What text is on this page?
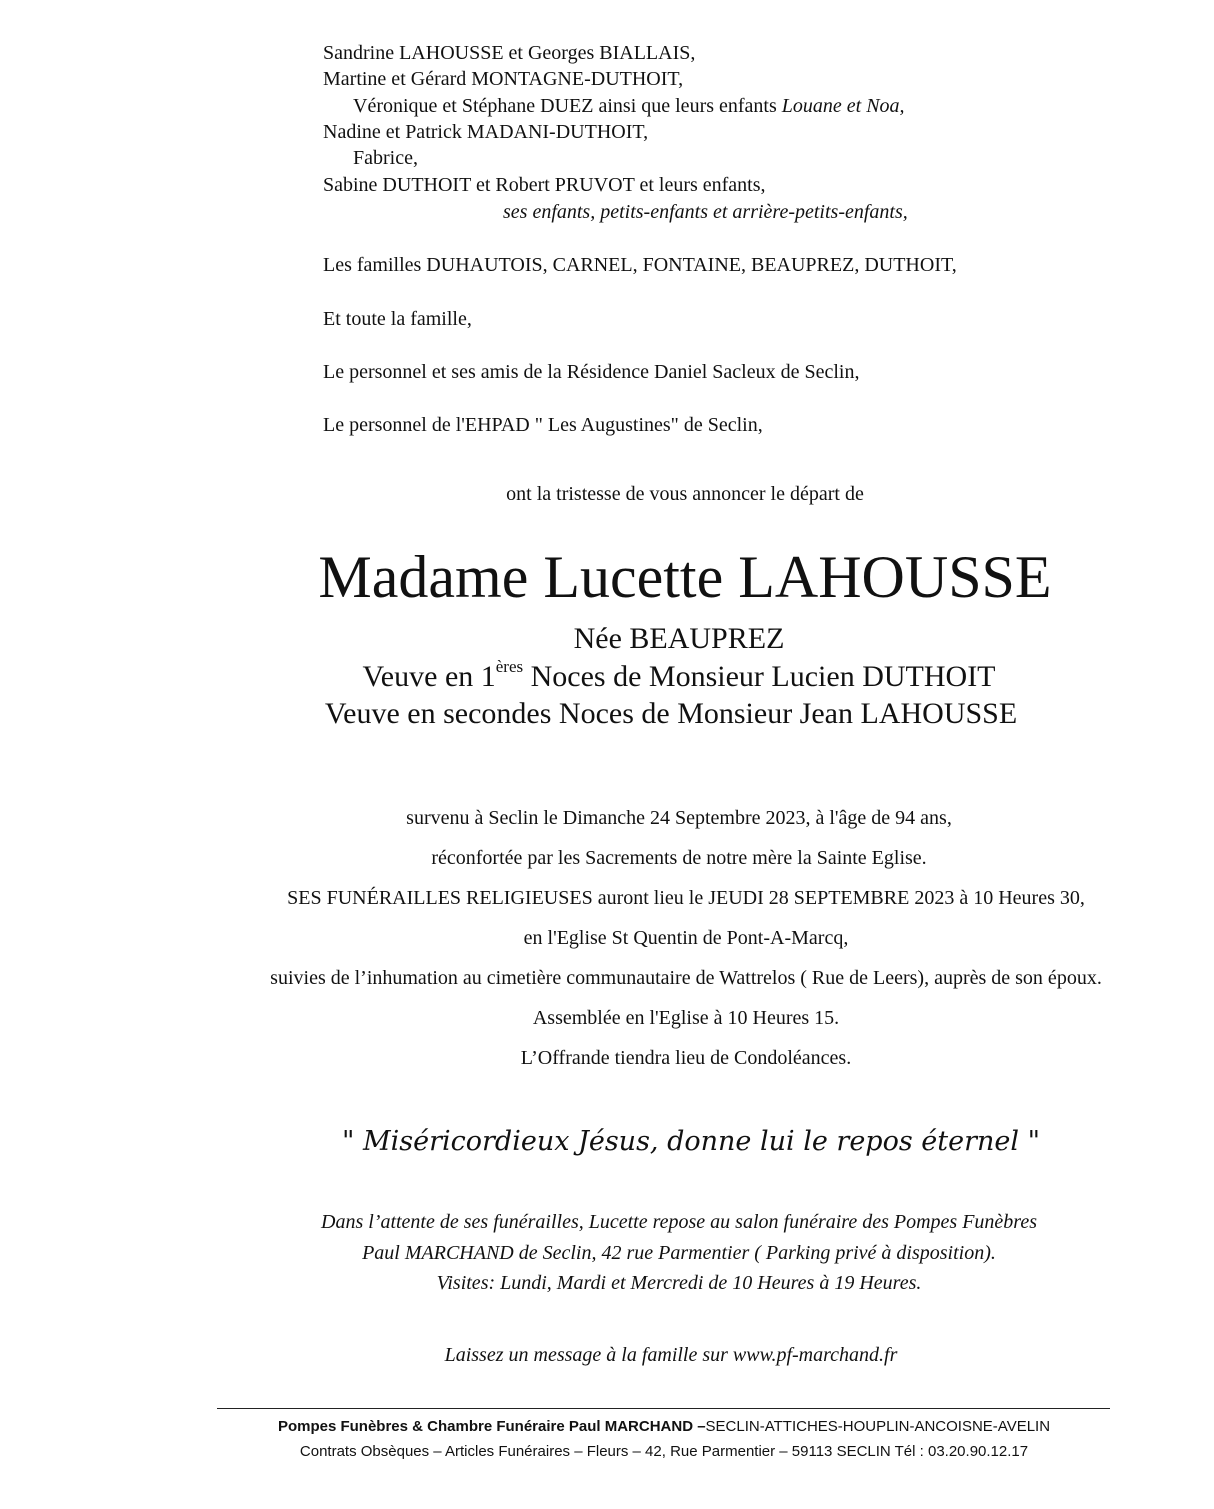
Sandrine LAHOUSSE et Georges BIALLAIS,
Martine et Gérard MONTAGNE-DUTHOIT,
Véronique et Stéphane DUEZ ainsi que leurs enfants Louane et Noa,
Nadine et Patrick MADANI-DUTHOIT,
Fabrice,
Sabine DUTHOIT et Robert PRUVOT et leurs enfants,
ses enfants, petits-enfants et arrière-petits-enfants,
Les familles DUHAUTOIS, CARNEL, FONTAINE, BEAUPREZ, DUTHOIT,
Et toute la famille,
Le personnel et ses amis de la Résidence Daniel Sacleux de Seclin,
Le personnel de l'EHPAD " Les Augustines" de Seclin,
ont la tristesse de vous annoncer le départ de
Madame Lucette LAHOUSSE
Née BEAUPREZ
Veuve en 1ères Noces de Monsieur Lucien DUTHOIT
Veuve en secondes Noces de Monsieur Jean LAHOUSSE
survenu à Seclin le Dimanche 24 Septembre 2023, à l'âge de 94 ans,
réconfortée par les Sacrements de notre mère la Sainte Eglise.
SES FUNÉRAILLES RELIGIEUSES auront lieu le JEUDI 28 SEPTEMBRE 2023 à 10 Heures 30,
en l'Eglise St Quentin de Pont-A-Marcq,
suivies de l’inhumation au cimetière communautaire de Wattrelos ( Rue de Leers), auprès de son époux.
Assemblée en l'Eglise à 10 Heures 15.
L’Offrande tiendra lieu de Condoléances.
" Miséricordieux Jésus, donne lui le repos éternel "
Dans l’attente de ses funérailles, Lucette repose au salon funéraire des Pompes Funèbres
Paul MARCHAND de Seclin, 42 rue Parmentier ( Parking privé à disposition).
Visites: Lundi, Mardi et Mercredi de 10 Heures à 19 Heures.
Laissez un message à la famille sur www.pf-marchand.fr
Pompes Funèbres & Chambre Funéraire Paul MARCHAND –SECLIN-ATTICHES-HOUPLIN-ANCOISNE-AVELIN
Contrats Obsèques – Articles Funéraires – Fleurs – 42, Rue Parmentier – 59113 SECLIN Tél : 03.20.90.12.17
